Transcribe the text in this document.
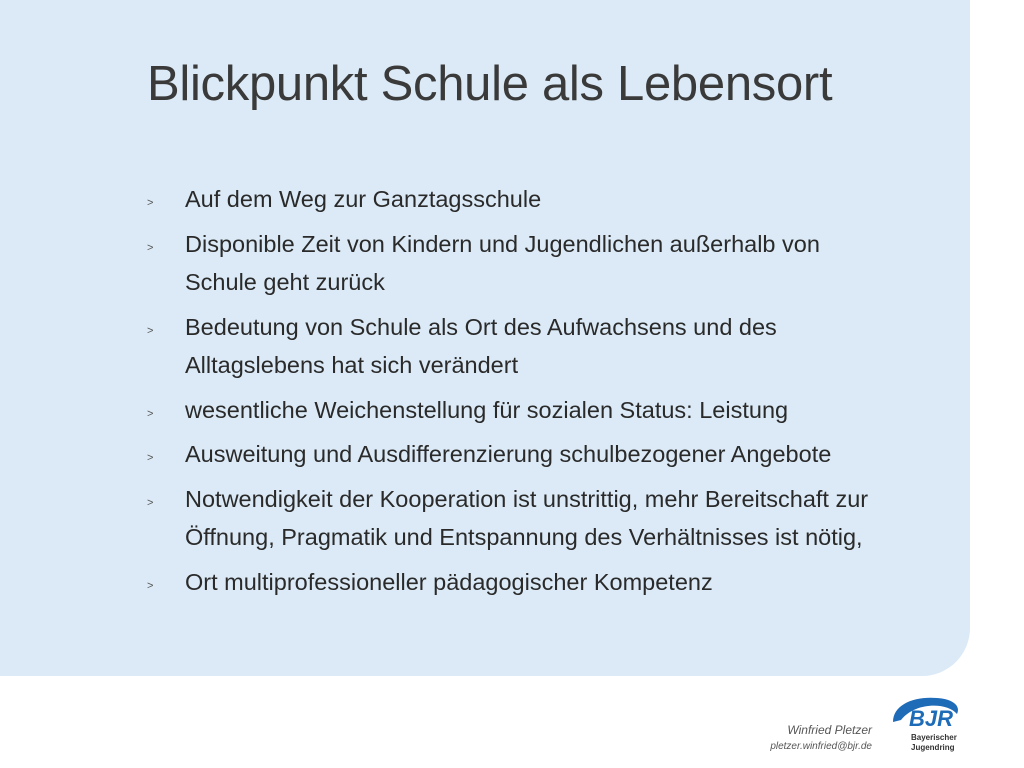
Blickpunkt Schule als Lebensort
> Auf dem Weg zur Ganztagsschule
> Disponible Zeit von Kindern und Jugendlichen außerhalb von Schule geht zurück
> Bedeutung von Schule als Ort des Aufwachsens und des Alltagslebens hat sich verändert
> wesentliche Weichenstellung für sozialen Status: Leistung
> Ausweitung und Ausdifferenzierung schulbezogener Angebote
> Notwendigkeit der Kooperation ist unstrittig, mehr Bereitschaft zur Öffnung, Pragmatik und Entspannung des Verhältnisses ist nötig,
> Ort multiprofessioneller pädagogischer Kompetenz
Winfried Pletzer
pletzer.winfried@bjr.de
BJR
Bayerischer
Jugendring
